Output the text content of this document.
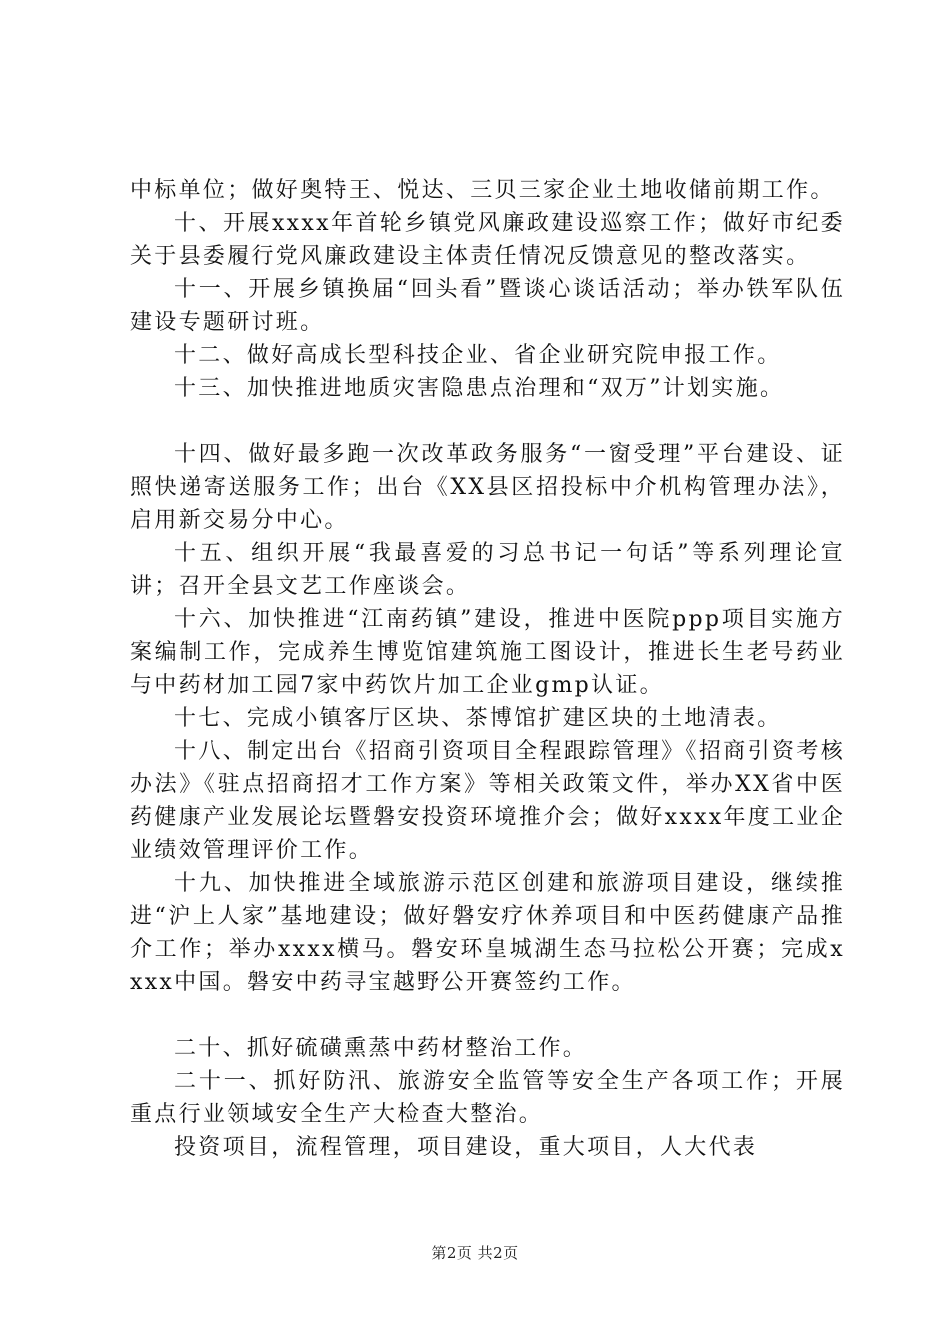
中标单位；做好奥特王、悦达、三贝三家企业土地收储前期工作。

十、开展xxxx年首轮乡镇党风廉政建设巡察工作；做好市纪委关于县委履行党风廉政建设主体责任情况反馈意见的整改落实。

十一、开展乡镇换届“回头看”暨谈心谈话活动；举办铁军队伍建设专题研讨班。

十二、做好高成长型科技企业、省企业研究院申报工作。

十三、加快推进地质灾害隐患点治理和“双万”计划实施。

十四、做好最多跑一次改革政务服务“一窗受理”平台建设、证照快递寄送服务工作；出台《XX县区招投标中介机构管理办法》，启用新交易分中心。

十五、组织开展“我最喜爱的习总书记一句话”等系列理论宣讲；召开全县文艺工作座谈会。

十六、加快推进“江南药镇”建设，推进中医院ppp项目实施方案编制工作，完成养生博览馆建筑施工图设计，推进长生老号药业与中药材加工园7家中药饮片加工企业gmp认证。

十七、完成小镇客厅区块、茶博馆扩建区块的土地清表。

十八、制定出台《招商引资项目全程跟踪管理》《招商引资考核办法》《驻点招商招才工作方案》等相关政策文件，举办XX省中医药健康产业发展论坛暨磐安投资环境推介会；做好xxxx年度工业企业绩效管理评价工作。

十九、加快推进全域旅游示范区创建和旅游项目建设，继续推进“沪上人家”基地建设；做好磐安疗休养项目和中医药健康产品推介工作；举办xxxx横马。磐安环皇城湖生态马拉松公开赛；完成xxxx中国。磐安中药寻宝越野公开赛签约工作。

二十、抓好硫磺熏蒸中药材整治工作。

二十一、抓好防汛、旅游安全监管等安全生产各项工作；开展重点行业领域安全生产大检查大整治。

投资项目，流程管理，项目建设，重大项目，人大代表

第2页 共2页
